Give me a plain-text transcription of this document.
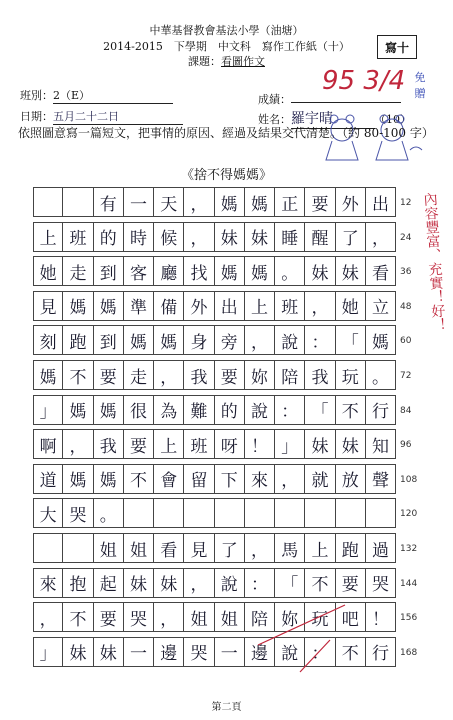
中華基督教會基法小學（油塘）
2014-2015　下學期　中文科　寫作工作紙（十）
課題：看圖作文
寫十
班別：2（E）	成績：
95 3/4
日期：五月二十二日	姓名：羅宇晴	（10）
免
贈
依照圖意寫一篇短文，把事情的原因、經過及結果交代清楚。（約 80-100 字）
《捨不得媽媽》
有 一 天 ， 媽 媽 正 要 外 出	12
上 班 的 時 候 ， 妹 妹 睡 醒 了 ，	24
她 走 到 客 廳 找 媽 媽 。 妹 妹 看	36
見 媽 媽 準 備 外 出 上 班 ， 她 立	48
刻 跑 到 媽 媽 身 旁 ， 說 ： 「 媽	60
媽 不 要 走 ， 我 要 妳 陪 我 玩 。	72
」 媽 媽 很 為 難 的 說 ： 「 不 行	84
啊 ， 我 要 上 班 呀 ！ 」 妹 妹 知	96
道 媽 媽 不 會 留 下 來 ， 就 放 聲	108
大 哭 。	120
姐 姐 看 見 了 ， 馬 上 跑 過	132
來 抱 起 妹 妹 ， 說 ： 「 不 要 哭	144
， 不 要 哭 ， 姐 姐 陪 妳 玩 吧 ！	156
」 妹 妹 一 邊 哭 一 邊 說 ： 不 行	168
內容豐富、充實！好！
第二頁
